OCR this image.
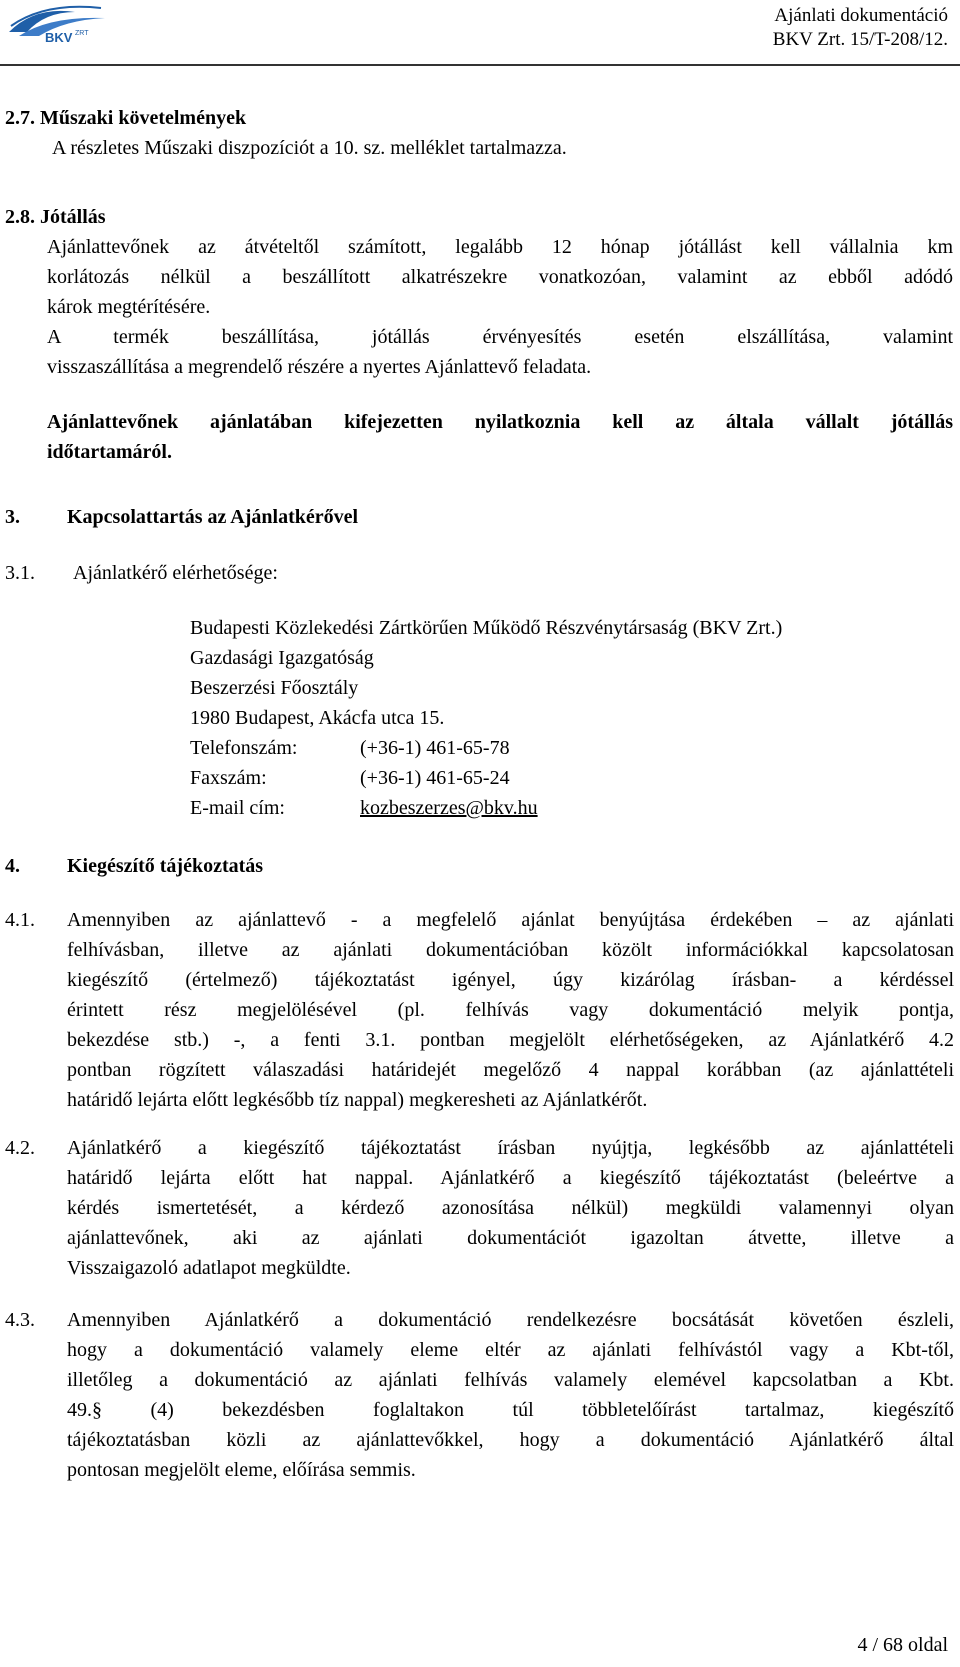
BKV ZRT
Ajánlati dokumentáció
BKV Zrt. 15/T-208/12.
2.7. Műszaki követelmények
A részletes Műszaki diszpozíciót a 10. sz. melléklet tartalmazza.
2.8. Jótállás
Ajánlattevőnek az átvételtől számított, legalább 12 hónap jótállást kell vállalnia km
korlátozás nélkül a beszállított alkatrészekre vonatkozóan, valamint az ebből adódó
károk megtérítésére.
A termék beszállítása, jótállás érvényesítés esetén elszállítása, valamint
visszaszállítása a megrendelő részére a nyertes Ajánlattevő feladata.
Ajánlattevőnek ajánlatában kifejezetten nyilatkoznia kell az általa vállalt jótállás
időtartamáról.
3. Kapcsolattartás az Ajánlatkérővel
3.1. Ajánlatkérő elérhetősége:
Budapesti Közlekedési Zártkörűen Működő Részvénytársaság (BKV Zrt.)
Gazdasági Igazgatóság
Beszerzési Főosztály
1980 Budapest, Akácfa utca 15.
Telefonszám:	(+36-1) 461-65-78
Faxszám:	(+36-1) 461-65-24
E-mail cím:	kozbeszerzes@bkv.hu
4. Kiegészítő tájékoztatás
4.1. Amennyiben az ajánlattevő - a megfelelő ajánlat benyújtása érdekében – az ajánlati
felhívásban, illetve az ajánlati dokumentációban közölt információkkal kapcsolatosan
kiegészítő (értelmező) tájékoztatást igényel, úgy kizárólag írásban- a kérdéssel
érintett rész megjelölésével (pl. felhívás vagy dokumentáció melyik pontja,
bekezdése stb.) -, a fenti 3.1. pontban megjelölt elérhetőségeken, az Ajánlatkérő 4.2
pontban rögzített válaszadási határidejét megelőző 4 nappal korábban (az ajánlattételi
határidő lejárta előtt legkésőbb tíz nappal) megkeresheti az Ajánlatkérőt.
4.2. Ajánlatkérő a kiegészítő tájékoztatást írásban nyújtja, legkésőbb az ajánlattételi
határidő lejárta előtt hat nappal. Ajánlatkérő a kiegészítő tájékoztatást (beleértve a
kérdés ismertetését, a kérdező azonosítása nélkül) megküldi valamennyi olyan
ajánlattevőnek, aki az ajánlati dokumentációt igazoltan átvette, illetve a
Visszaigazoló adatlapot megküldte.
4.3. Amennyiben Ajánlatkérő a dokumentáció rendelkezésre bocsátását követően észleli,
hogy a dokumentáció valamely eleme eltér az ajánlati felhívástól vagy a Kbt-től,
illetőleg a dokumentáció az ajánlati felhívás valamely elemével kapcsolatban a Kbt.
49.§ (4) bekezdésben foglaltakon túl többletelőírást tartalmaz, kiegészítő
tájékoztatásban közli az ajánlattevőkkel, hogy a dokumentáció Ajánlatkérő által
pontosan megjelölt eleme, előírása semmis.
4 / 68 oldal
